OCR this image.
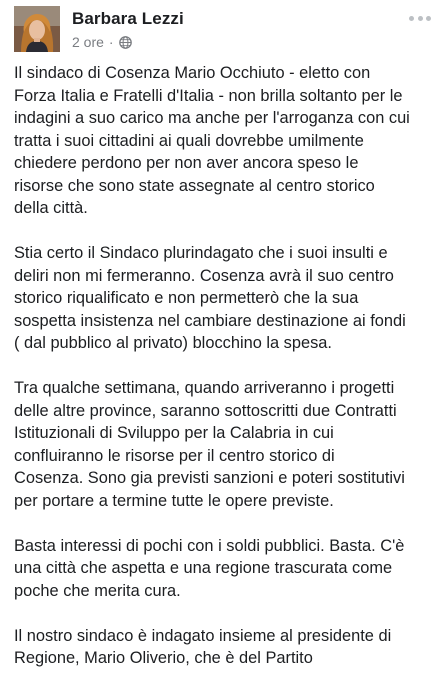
Barbara Lezzi
2 ore ·

Il sindaco di Cosenza Mario Occhiuto - eletto con
Forza Italia e Fratelli d'Italia - non brilla soltanto per le
indagini a suo carico ma anche per l'arroganza con cui
tratta i suoi cittadini ai quali dovrebbe umilmente
chiedere perdono per non aver ancora speso le
risorse che sono state assegnate al centro storico
della città.

Stia certo il Sindaco plurindagato che i suoi insulti e
deliri non mi fermeranno. Cosenza avrà il suo centro
storico riqualificato e non permetterò che la sua
sospetta insistenza nel cambiare destinazione ai fondi
( dal pubblico al privato) blocchino la spesa.

Tra qualche settimana, quando arriveranno i progetti
delle altre province, saranno sottoscritti due Contratti
Istituzionali di Sviluppo per la Calabria in cui
confluiranno le risorse per il centro storico di
Cosenza. Sono gia previsti sanzioni e poteri sostitutivi
per portare a termine tutte le opere previste.

Basta interessi di pochi con i soldi pubblici. Basta. C'è
una città che aspetta e una regione trascurata come
poche che merita cura.

Il nostro sindaco è indagato insieme al presidente di
Regione, Mario Oliverio, che è del Partito
